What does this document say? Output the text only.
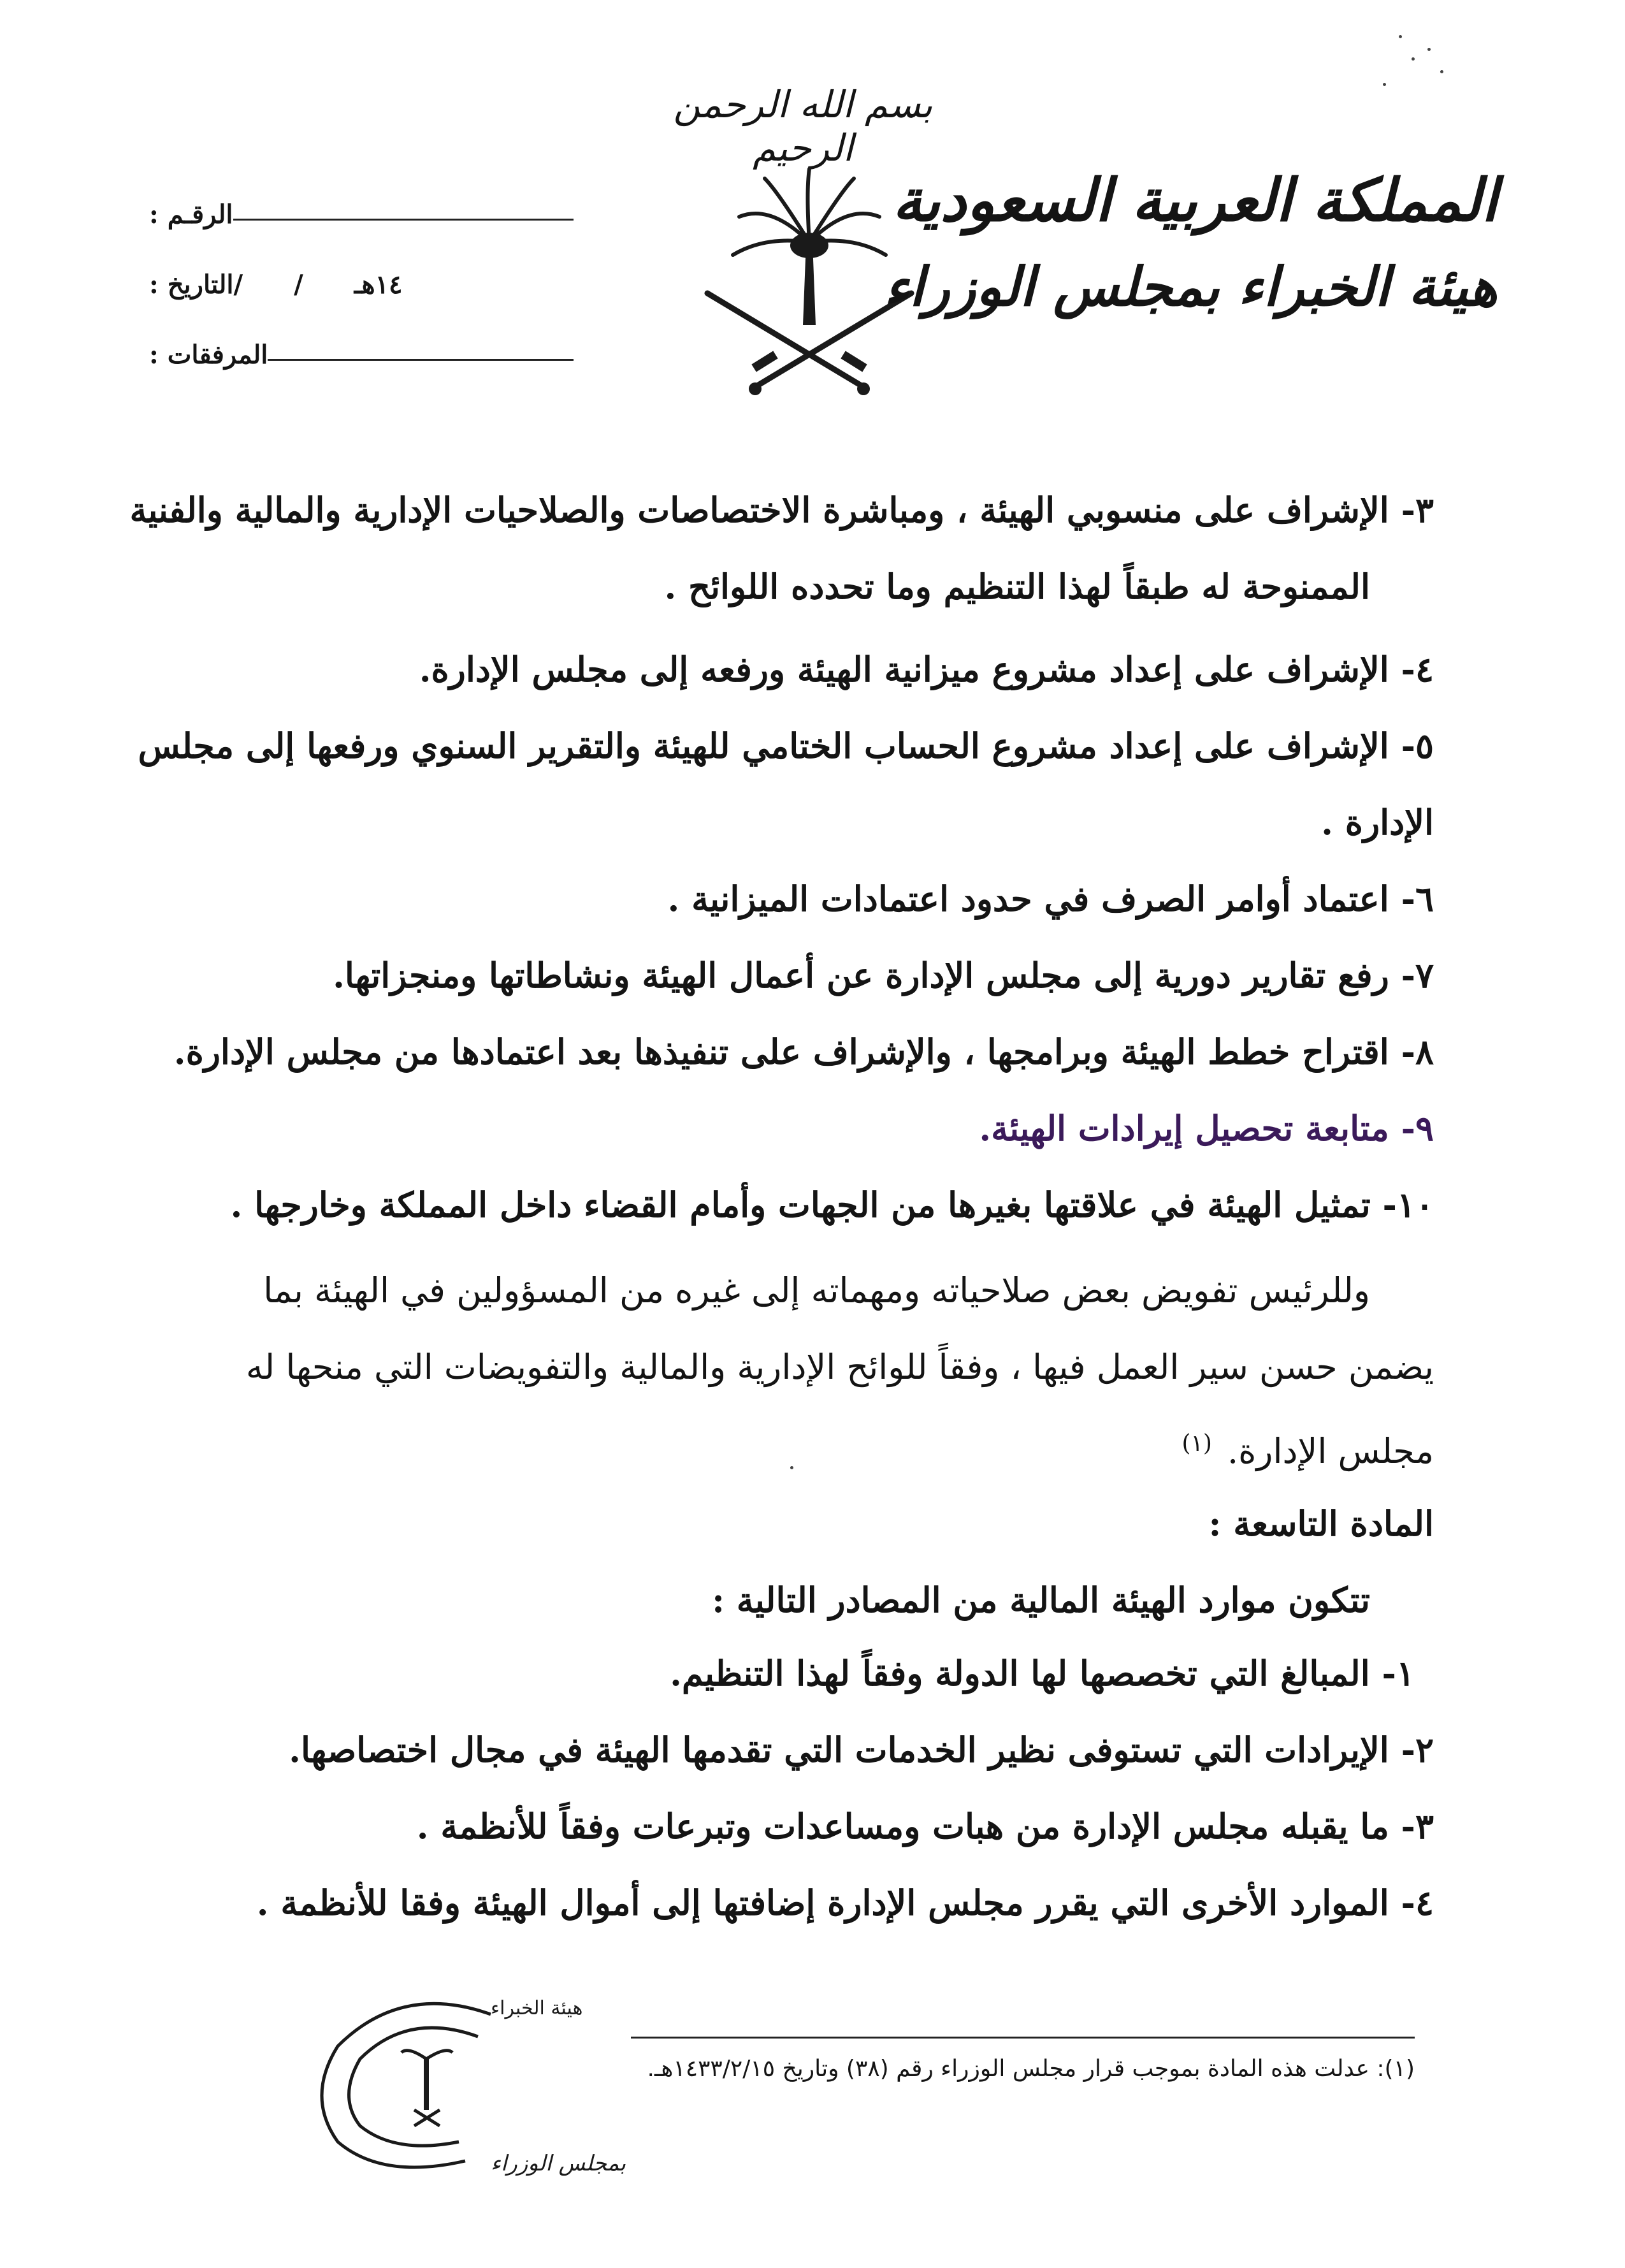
بسم الله الرحمن الرحيم
المملكة العربية السعودية
هيئة الخبراء بمجلس الوزراء
الرقـم :
التاريخ : / / ١٤هـ
المرفقات :
٣- الإشراف على منسوبي الهيئة ، ومباشرة الاختصاصات والصلاحيات الإدارية والمالية والفنية
الممنوحة له طبقاً لهذا التنظيم وما تحدده اللوائح .
٤- الإشراف على إعداد مشروع ميزانية الهيئة ورفعه إلى مجلس الإدارة.
٥- الإشراف على إعداد مشروع الحساب الختامي للهيئة والتقرير السنوي ورفعها إلى مجلس
الإدارة .
٦- اعتماد أوامر الصرف في حدود اعتمادات الميزانية .
٧- رفع تقارير دورية إلى مجلس الإدارة عن أعمال الهيئة ونشاطاتها ومنجزاتها.
٨- اقتراح خطط الهيئة وبرامجها ، والإشراف على تنفيذها بعد اعتمادها من مجلس الإدارة.
٩- متابعة تحصيل إيرادات الهيئة.
١٠- تمثيل الهيئة في علاقتها بغيرها من الجهات وأمام القضاء داخل المملكة وخارجها .
وللرئيس تفويض بعض صلاحياته ومهماته إلى غيره من المسؤولين في الهيئة بما
يضمن حسن سير العمل فيها ، وفقاً للوائح الإدارية والمالية والتفويضات التي منحها له
مجلس الإدارة.$^{(١)}$
المادة التاسعة :
تتكون موارد الهيئة المالية من المصادر التالية :
١- المبالغ التي تخصصها لها الدولة وفقاً لهذا التنظيم.
٢- الإيرادات التي تستوفى نظير الخدمات التي تقدمها الهيئة في مجال اختصاصها.
٣- ما يقبله مجلس الإدارة من هبات ومساعدات وتبرعات وفقاً للأنظمة .
٤- الموارد الأخرى التي يقرر مجلس الإدارة إضافتها إلى أموال الهيئة وفقا للأنظمة .
(١): عدلت هذه المادة بموجب قرار مجلس الوزراء رقم (٣٨) وتاريخ ١٤٣٣/٢/١٥هـ.
هيئة الخبراء
بمجلس الوزراء
